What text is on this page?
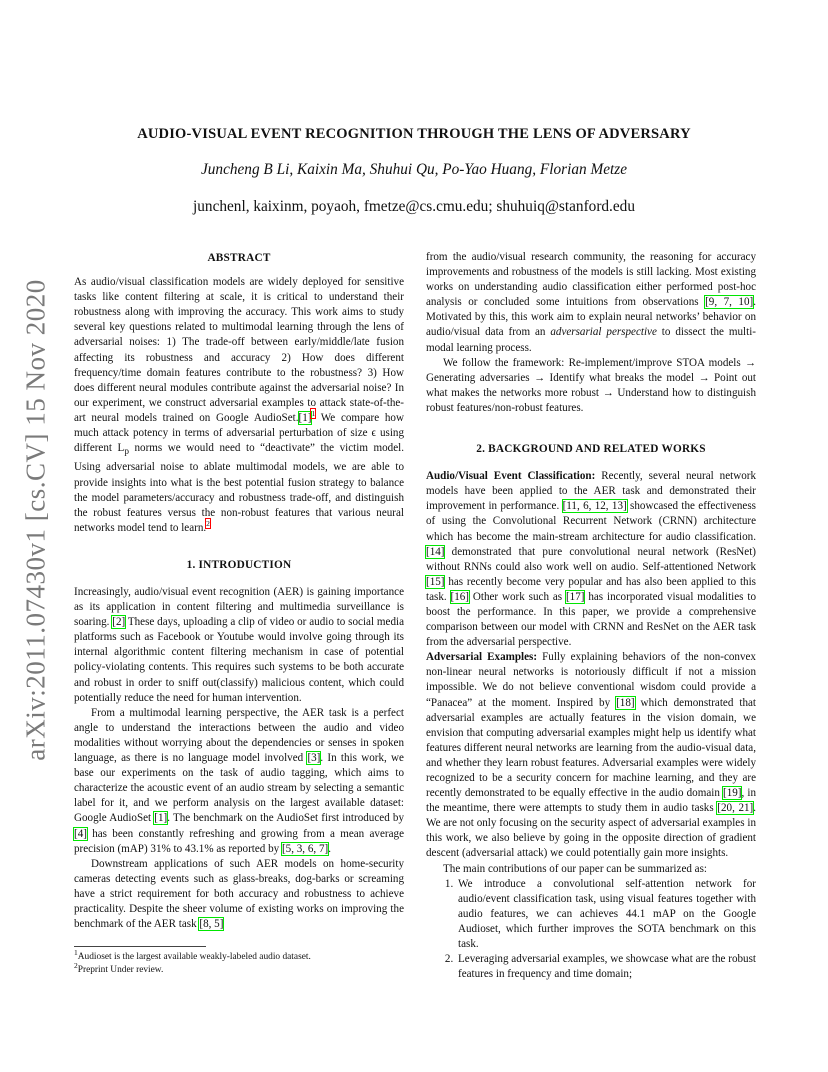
arXiv:2011.07430v1 [cs.CV] 15 Nov 2020
AUDIO-VISUAL EVENT RECOGNITION THROUGH THE LENS OF ADVERSARY
Juncheng B Li, Kaixin Ma, Shuhui Qu, Po-Yao Huang, Florian Metze
junchenl, kaixinm, poyaoh, fmetze@cs.cmu.edu; shuhuiq@stanford.edu
ABSTRACT

As audio/visual classification models are widely deployed for sensitive tasks like content filtering at scale, it is critical to understand their robustness along with improving the accuracy. This work aims to study several key questions related to multimodal learning through the lens of adversarial noises: 1) The trade-off between early/middle/late fusion affecting its robustness and accuracy 2) How does different frequency/time domain features contribute to the robustness? 3) How does different neural modules contribute against the adversarial noise? In our experiment, we construct adversarial examples to attack state-of-the-art neural models trained on Google AudioSet.[1]$^1$ We compare how much attack potency in terms of adversarial perturbation of size ϵ using different $L_p$ norms we would need to “deactivate” the victim model. Using adversarial noise to ablate multimodal models, we are able to provide insights into what is the best potential fusion strategy to balance the model parameters/accuracy and robustness trade-off, and distinguish the robust features versus the non-robust features that various neural networks model tend to learn.$^2$

1. INTRODUCTION

Increasingly, audio/visual event recognition (AER) is gaining importance as its application in content filtering and multimedia surveillance is soaring. [2] These days, uploading a clip of video or audio to social media platforms such as Facebook or Youtube would involve going through its internal algorithmic content filtering mechanism in case of potential policy-violating contents. This requires such systems to be both accurate and robust in order to sniff out(classify) malicious content, which could potentially reduce the need for human intervention.

From a multimodal learning perspective, the AER task is a perfect angle to understand the interactions between the audio and video modalities without worrying about the dependencies or senses in spoken language, as there is no language model involved [3]. In this work, we base our experiments on the task of audio tagging, which aims to characterize the acoustic event of an audio stream by selecting a semantic label for it, and we perform analysis on the largest available dataset: Google AudioSet [1]. The benchmark on the AudioSet first introduced by [4] has been constantly refreshing and growing from a mean average precision (mAP) 31% to 43.1% as reported by [5, 3, 6, 7].

Downstream applications of such AER models on home-security cameras detecting events such as glass-breaks, dog-barks or screaming have a strict requirement for both accuracy and robustness to achieve practicality. Despite the sheer volume of existing works on improving the benchmark of the AER task [8, 5]

$^1$Audioset is the largest available weakly-labeled audio dataset.
$^2$Preprint Under review.

from the audio/visual research community, the reasoning for accuracy improvements and robustness of the models is still lacking. Most existing works on understanding audio classification either performed post-hoc analysis or concluded some intuitions from observations [9, 7, 10]. Motivated by this, this work aim to explain neural networks’ behavior on audio/visual data from an adversarial perspective to dissect the multi-modal learning process.

We follow the framework: Re-implement/improve STOA models → Generating adversaries → Identify what breaks the model → Point out what makes the networks more robust → Understand how to distinguish robust features/non-robust features.

2. BACKGROUND AND RELATED WORKS

Audio/Visual Event Classification: Recently, several neural network models have been applied to the AER task and demonstrated their improvement in performance. [11, 6, 12, 13] showcased the effectiveness of using the Convolutional Recurrent Network (CRNN) architecture which has become the main-stream architecture for audio classification. [14] demonstrated that pure convolutional neural network (ResNet) without RNNs could also work well on audio. Self-attentioned Network [15] has recently become very popular and has also been applied to this task. [16] Other work such as [17] has incorporated visual modalities to boost the performance. In this paper, we provide a comprehensive comparison between our model with CRNN and ResNet on the AER task from the adversarial perspective.

Adversarial Examples: Fully explaining behaviors of the non-convex non-linear neural networks is notoriously difficult if not a mission impossible. We do not believe conventional wisdom could provide a “Panacea” at the moment. Inspired by [18] which demonstrated that adversarial examples are actually features in the vision domain, we envision that computing adversarial examples might help us identify what features different neural networks are learning from the audio-visual data, and whether they learn robust features. Adversarial examples were widely recognized to be a security concern for machine learning, and they are recently demonstrated to be equally effective in the audio domain [19], in the meantime, there were attempts to study them in audio tasks [20, 21]. We are not only focusing on the security aspect of adversarial examples in this work, we also believe by going in the opposite direction of gradient descent (adversarial attack) we could potentially gain more insights.

The main contributions of our paper can be summarized as:

1. We introduce a convolutional self-attention network for audio/event classification task, using visual features together with audio features, we can achieves 44.1 mAP on the Google Audioset, which further improves the SOTA benchmark on this task.
2. Leveraging adversarial examples, we showcase what are the robust features in frequency and time domain;
